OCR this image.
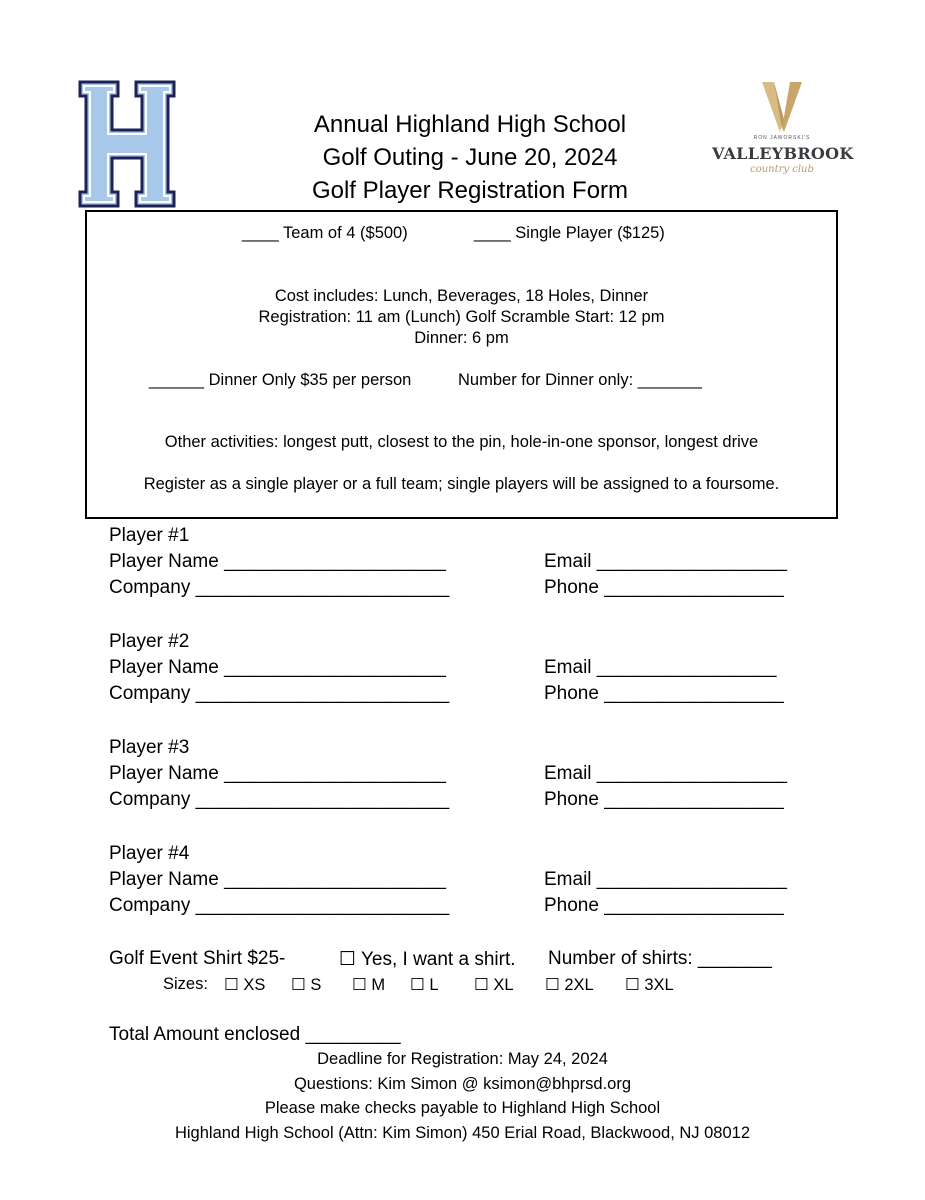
RON JAWORSKI'S
VALLEYBROOK
country club
Annual Highland High School
Golf Outing - June 20, 2024
Golf Player Registration Form
____ Team of 4 ($500)	____ Single Player ($125)
Cost includes: Lunch, Beverages, 18 Holes, Dinner
Registration: 11 am (Lunch) Golf Scramble Start: 12 pm
Dinner: 6 pm
______ Dinner Only $35 per person	Number for Dinner only: _______
Other activities: longest putt, closest to the pin, hole-in-one sponsor, longest drive
Register as a single player or a full team; single players will be assigned to a foursome.
Player #1
Player Name _____________________	Email __________________
Company ________________________	Phone _________________
Player #2
Player Name _____________________	Email _________________
Company ________________________	Phone _________________
Player #3
Player Name _____________________	Email __________________
Company ________________________	Phone _________________
Player #4
Player Name _____________________	Email __________________
Company ________________________	Phone _________________
Golf Event Shirt $25-	☐ Yes, I want a shirt. Number of shirts: _______
Sizes: ☐ XS ☐ S ☐ M ☐ L ☐ XL ☐ 2XL ☐ 3XL
Total Amount enclosed _________
Deadline for Registration: May 24, 2024
Questions: Kim Simon @ ksimon@bhprsd.org
Please make checks payable to Highland High School
Highland High School (Attn: Kim Simon) 450 Erial Road, Blackwood, NJ 08012
